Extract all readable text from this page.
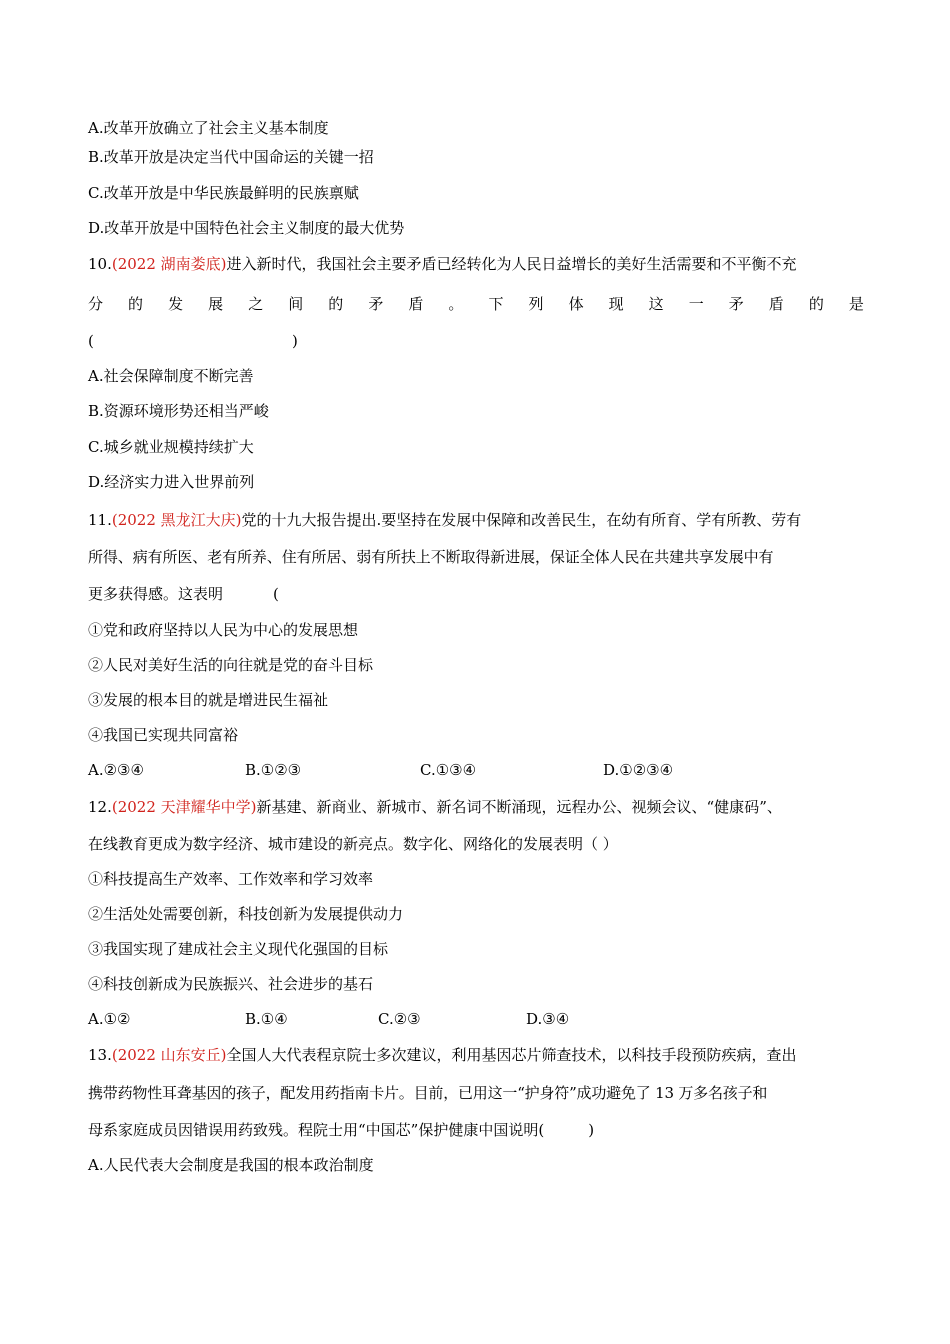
A.改革开放确立了社会主义基本制度
B.改革开放是决定当代中国命运的关键一招
C.改革开放是中华民族最鲜明的民族禀赋
D.改革开放是中国特色社会主义制度的最大优势
10.(2022 湖南娄底)进入新时代，我国社会主要矛盾已经转化为人民日益增长的美好生活需要和不平衡不充
分 的 发 展 之 间 的 矛 盾 。 下 列 体 现 这 一 矛 盾 的 是
(	)
A.社会保障制度不断完善
B.资源环境形势还相当严峻
C.城乡就业规模持续扩大
D.经济实力进入世界前列
11.(2022 黑龙江大庆)党的十九大报告提出.要坚持在发展中保障和改善民生，在幼有所育、学有所教、劳有
所得、病有所医、老有所养、住有所居、弱有所扶上不断取得新进展，保证全体人民在共建共享发展中有
更多获得感。这表明	(
①党和政府坚持以人民为中心的发展思想
②人民对美好生活的向往就是党的奋斗目标
③发展的根本目的就是增进民生福祉
④我国已实现共同富裕
A.②③④	B.①②③	C.①③④	D.①②③④
12.(2022 天津耀华中学)新基建、新商业、新城市、新名词不断涌现，远程办公、视频会议、“健康码”、
在线教育更成为数字经济、城市建设的新亮点。数字化、网络化的发展表明（ ）
①科技提高生产效率、工作效率和学习效率
②生活处处需要创新，科技创新为发展提供动力
③我国实现了建成社会主义现代化强国的目标
④科技创新成为民族振兴、社会进步的基石
A.①②	B.①④	C.②③	D.③④
13.(2022 山东安丘)全国人大代表程京院士多次建议，利用基因芯片筛查技术，以科技手段预防疾病，查出
携带药物性耳聋基因的孩子，配发用药指南卡片。目前，已用这一“护身符”成功避免了 13 万多名孩子和
母系家庭成员因错误用药致残。程院士用“中国芯”保护健康中国说明(	)
A.人民代表大会制度是我国的根本政治制度
